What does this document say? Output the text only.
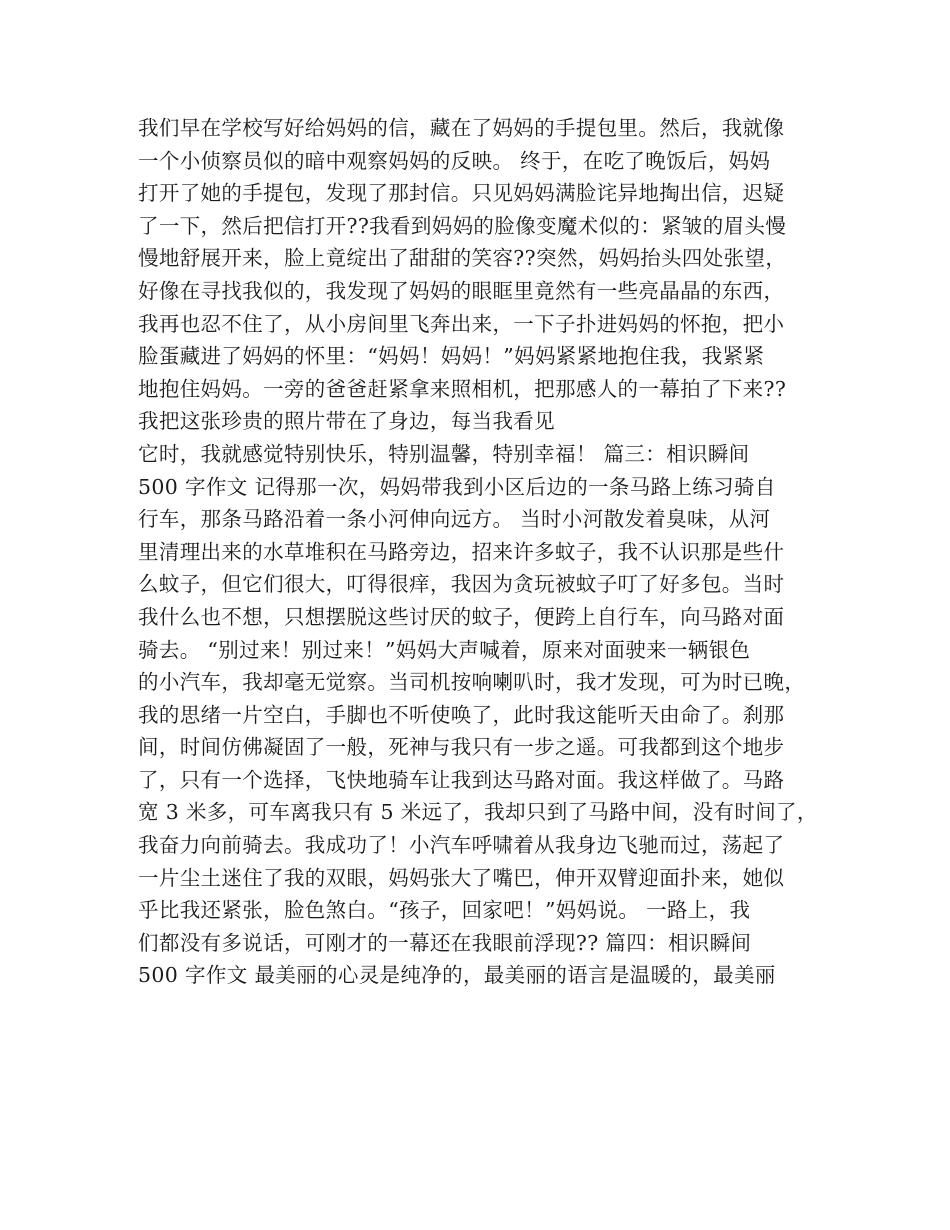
我们早在学校写好给妈妈的信，藏在了妈妈的手提包里。然后，我就像
一个小侦察员似的暗中观察妈妈的反映。 终于，在吃了晚饭后，妈妈
打开了她的手提包，发现了那封信。只见妈妈满脸诧异地掏出信，迟疑
了一下，然后把信打开??我看到妈妈的脸像变魔术似的：紧皱的眉头慢
慢地舒展开来，脸上竟绽出了甜甜的笑容??突然，妈妈抬头四处张望，
好像在寻找我似的，我发现了妈妈的眼眶里竟然有一些亮晶晶的东西，
我再也忍不住了，从小房间里飞奔出来，一下子扑进妈妈的怀抱，把小
脸蛋藏进了妈妈的怀里：“妈妈！妈妈！”妈妈紧紧地抱住我，我紧紧
地抱住妈妈。一旁的爸爸赶紧拿来照相机，把那感人的一幕拍了下来??
我把这张珍贵的照片带在了身边，每当我看见
它时，我就感觉特别快乐，特别温馨，特别幸福！ 篇三：相识瞬间
500 字作文 记得那一次，妈妈带我到小区后边的一条马路上练习骑自
行车，那条马路沿着一条小河伸向远方。 当时小河散发着臭味，从河
里清理出来的水草堆积在马路旁边，招来许多蚊子，我不认识那是些什
么蚊子，但它们很大，叮得很痒，我因为贪玩被蚊子叮了好多包。当时
我什么也不想，只想摆脱这些讨厌的蚊子，便跨上自行车，向马路对面
骑去。 “别过来！别过来！”妈妈大声喊着，原来对面驶来一辆银色
的小汽车，我却毫无觉察。当司机按响喇叭时，我才发现，可为时已晚，
我的思绪一片空白，手脚也不听使唤了，此时我这能听天由命了。刹那
间，时间仿佛凝固了一般，死神与我只有一步之遥。可我都到这个地步
了，只有一个选择，飞快地骑车让我到达马路对面。我这样做了。马路
宽 3 米多，可车离我只有 5 米远了，我却只到了马路中间，没有时间了，
我奋力向前骑去。我成功了！小汽车呼啸着从我身边飞驰而过，荡起了
一片尘土迷住了我的双眼，妈妈张大了嘴巴，伸开双臂迎面扑来，她似
乎比我还紧张，脸色煞白。“孩子，回家吧！”妈妈说。 一路上，我
们都没有多说话，可刚才的一幕还在我眼前浮现?? 篇四：相识瞬间
500 字作文 最美丽的心灵是纯净的，最美丽的语言是温暖的，最美丽
